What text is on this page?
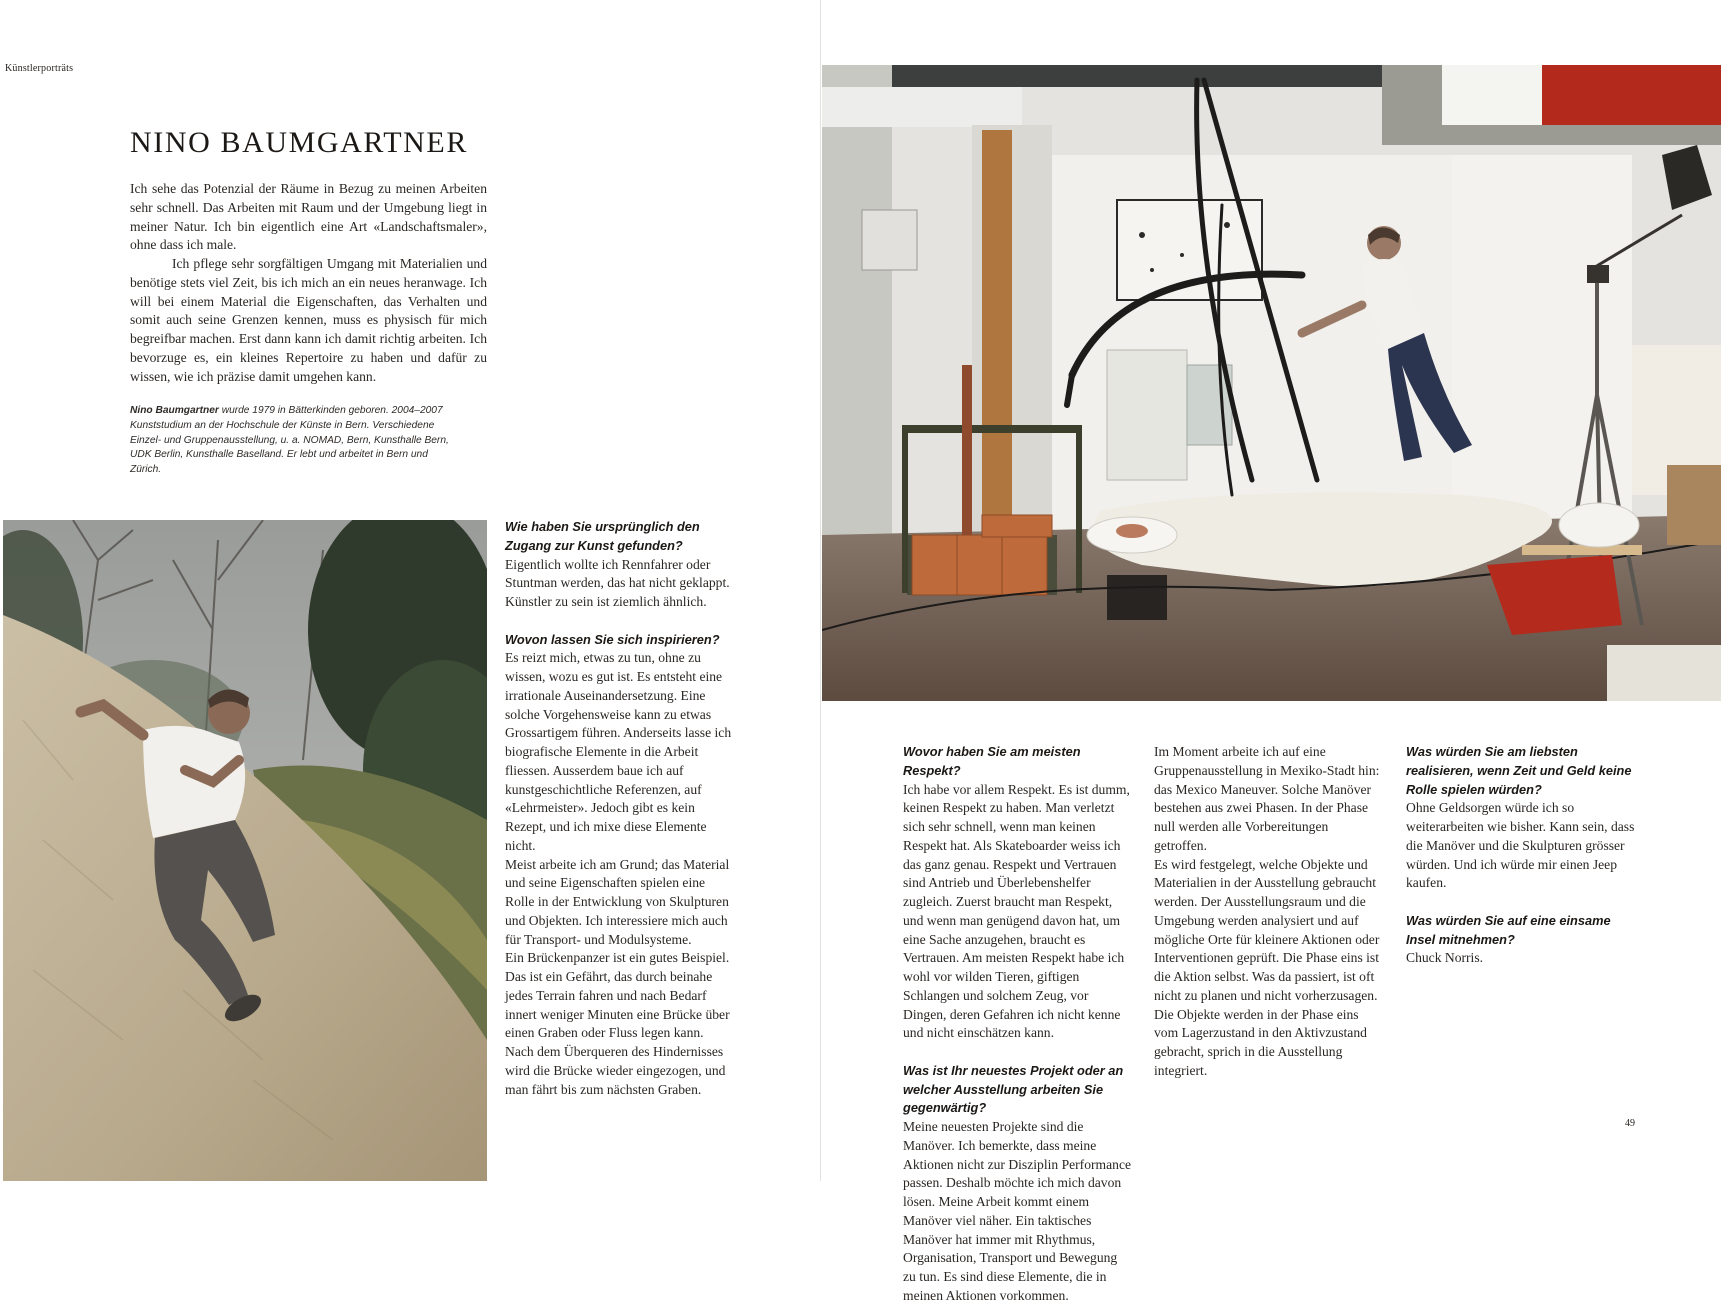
Künstlerporträts
NINO BAUMGARTNER

Ich sehe das Potenzial der Räume in Bezug zu meinen Arbeiten sehr schnell. Das Arbeiten mit Raum und der Umgebung liegt in meiner Natur. Ich bin eigentlich eine Art «Landschaftsmaler», ohne dass ich male.

Ich pflege sehr sorgfältigen Umgang mit Materialien und benötige stets viel Zeit, bis ich mich an ein neues heranwage. Ich will bei einem Material die Eigenschaften, das Verhalten und somit auch seine Grenzen kennen, muss es physisch für mich begreifbar machen. Erst dann kann ich damit richtig arbeiten. Ich bevorzuge es, ein kleines Repertoire zu haben und dafür zu wissen, wie ich präzise damit umgehen kann.

Nino Baumgartner wurde 1979 in Bätterkinden geboren. 2004–2007 Kunststudium an der Hochschule der Künste in Bern. Verschiedene Einzel- und Gruppenausstellung, u. a. NOMAD, Bern, Kunsthalle Bern, UDK Berlin, Kunsthalle Baselland. Er lebt und arbeitet in Bern und Zürich.

Wie haben Sie ursprünglich den Zugang zur Kunst gefunden?

Eigentlich wollte ich Rennfahrer oder Stuntman werden, das hat nicht geklappt. Künstler zu sein ist ziemlich ähnlich.

Wovon lassen Sie sich inspirieren?

Es reizt mich, etwas zu tun, ohne zu wissen, wozu es gut ist. Es entsteht eine irrationale Auseinandersetzung. Eine solche Vorgehensweise kann zu etwas Grossartigem führen. Anderseits lasse ich biografische Elemente in die Arbeit fliessen. Ausserdem baue ich auf kunstgeschichtliche Referenzen, auf «Lehrmeister». Jedoch gibt es kein Rezept, und ich mixe diese Elemente nicht.
Meist arbeite ich am Grund; das Material und seine Eigenschaften spielen eine Rolle in der Entwicklung von Skulpturen und Objekten. Ich interessiere mich auch für Transport- und Modulsysteme.
Ein Brückenpanzer ist ein gutes Beispiel. Das ist ein Gefährt, das durch beinahe jedes Terrain fahren und nach Bedarf innert weniger Minuten eine Brücke über einen Graben oder Fluss legen kann. Nach dem Überqueren des Hindernisses wird die Brücke wieder eingezogen, und man fährt bis zum nächsten Graben.

Wovor haben Sie am meisten Respekt?

Ich habe vor allem Respekt. Es ist dumm, keinen Respekt zu haben. Man verletzt sich sehr schnell, wenn man keinen Respekt hat. Als Skateboarder weiss ich das ganz genau. Respekt und Vertrauen sind Antrieb und Überlebenshelfer zugleich. Zuerst braucht man Respekt, und wenn man genügend davon hat, um eine Sache anzugehen, braucht es Vertrauen. Am meisten Respekt habe ich wohl vor wilden Tieren, giftigen Schlangen und solchem Zeug, vor Dingen, deren Gefahren ich nicht kenne und nicht einschätzen kann.

Was ist Ihr neuestes Projekt oder an welcher Ausstellung arbeiten Sie gegenwärtig?

Meine neuesten Projekte sind die Manöver. Ich bemerkte, dass meine Aktionen nicht zur Disziplin Performance passen. Deshalb möchte ich mich davon lösen. Meine Arbeit kommt einem Manöver viel näher. Ein taktisches Manöver hat immer mit Rhythmus, Organisation, Transport und Bewegung zu tun. Es sind diese Elemente, die in meinen Aktionen vorkommen.
Im Moment arbeite ich auf eine Gruppenausstellung in Mexiko-Stadt hin: das Mexico Maneuver. Solche Manöver bestehen aus zwei Phasen. In der Phase null werden alle Vorbereitungen getroffen.
Es wird festgelegt, welche Objekte und Materialien in der Ausstellung gebraucht werden. Der Ausstellungsraum und die Umgebung werden analysiert und auf mögliche Orte für kleinere Aktionen oder Interventionen geprüft. Die Phase eins ist die Aktion selbst. Was da passiert, ist oft nicht zu planen und nicht vorherzusagen. Die Objekte werden in der Phase eins vom Lagerzustand in den Aktivzustand gebracht, sprich in die Ausstellung integriert.

Was würden Sie am liebsten realisieren, wenn Zeit und Geld keine Rolle spielen würden?

Ohne Geldsorgen würde ich so weiterarbeiten wie bisher. Kann sein, dass die Manöver und die Skulpturen grösser würden. Und ich würde mir einen Jeep kaufen.

Was würden Sie auf eine einsame Insel mitnehmen?

Chuck Norris.
49
